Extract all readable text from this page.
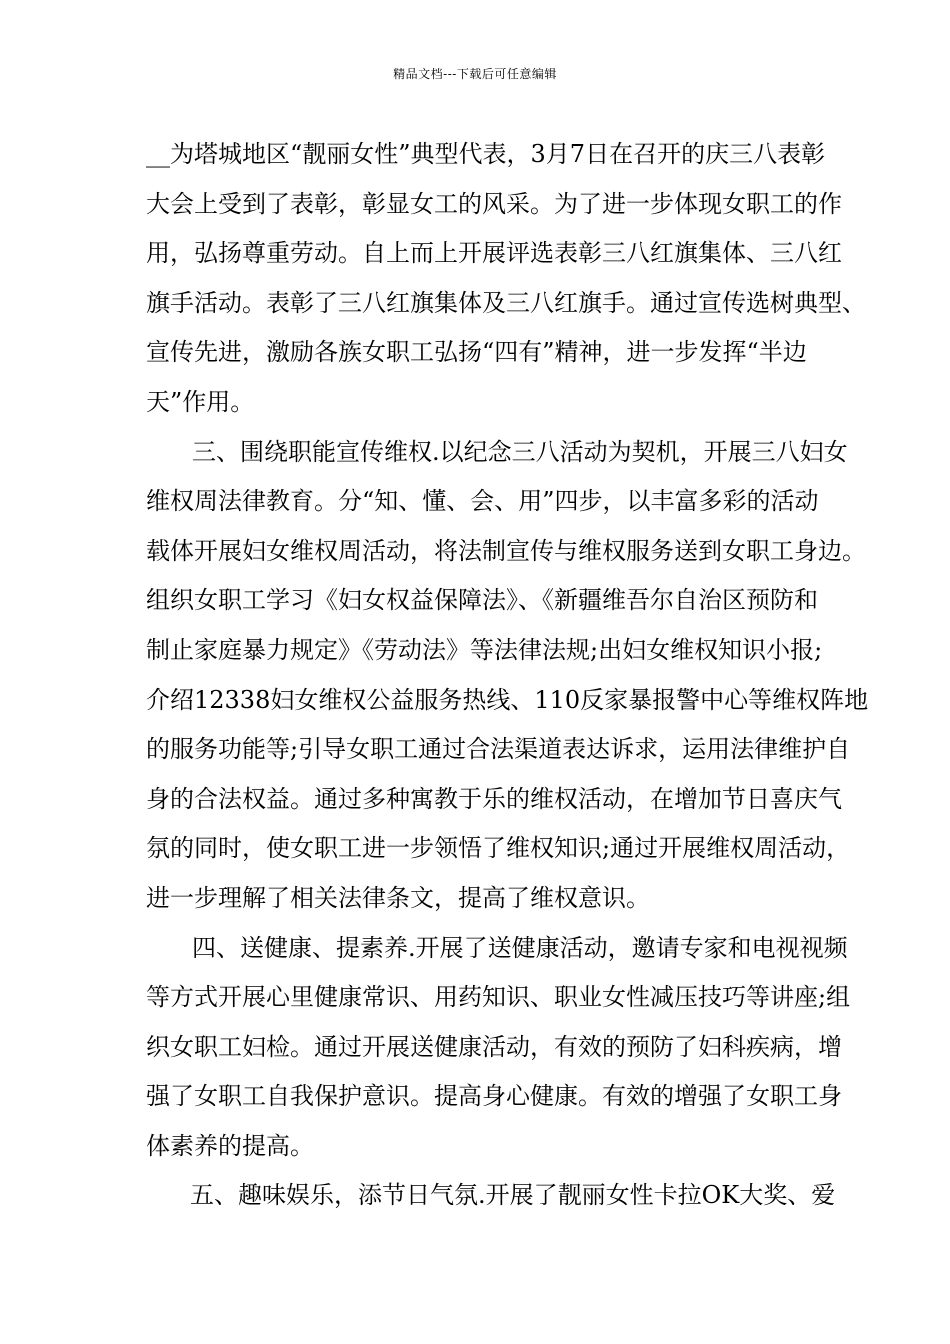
精品文档---下载后可任意编辑
__为塔城地区“靓丽女性”典型代表，3月7日在召开的庆三八表彰
大会上受到了表彰，彰显女工的风采。为了进一步体现女职工的作
用，弘扬尊重劳动。自上而上开展评选表彰三八红旗集体、三八红
旗手活动。表彰了三八红旗集体及三八红旗手。通过宣传选树典型、
宣传先进，激励各族女职工弘扬“四有”精神，进一步发挥“半边
天”作用。
三、围绕职能宣传维权.以纪念三八活动为契机，开展三八妇女
维权周法律教育。分“知、懂、会、用”四步，以丰富多彩的活动
载体开展妇女维权周活动，将法制宣传与维权服务送到女职工身边。
组织女职工学习《妇女权益保障法》、《新疆维吾尔自治区预防和
制止家庭暴力规定》《劳动法》等法律法规;出妇女维权知识小报;
介绍12338妇女维权公益服务热线、110反家暴报警中心等维权阵地
的服务功能等;引导女职工通过合法渠道表达诉求，运用法律维护自
身的合法权益。通过多种寓教于乐的维权活动，在增加节日喜庆气
氛的同时，使女职工进一步领悟了维权知识;通过开展维权周活动，
进一步理解了相关法律条文，提高了维权意识。
四、送健康、提素养.开展了送健康活动，邀请专家和电视视频
等方式开展心里健康常识、用药知识、职业女性减压技巧等讲座;组
织女职工妇检。通过开展送健康活动，有效的预防了妇科疾病，增
强了女职工自我保护意识。提高身心健康。有效的增强了女职工身
体素养的提高。
五、趣味娱乐，添节日气氛.开展了靓丽女性卡拉OK大奖、爱
